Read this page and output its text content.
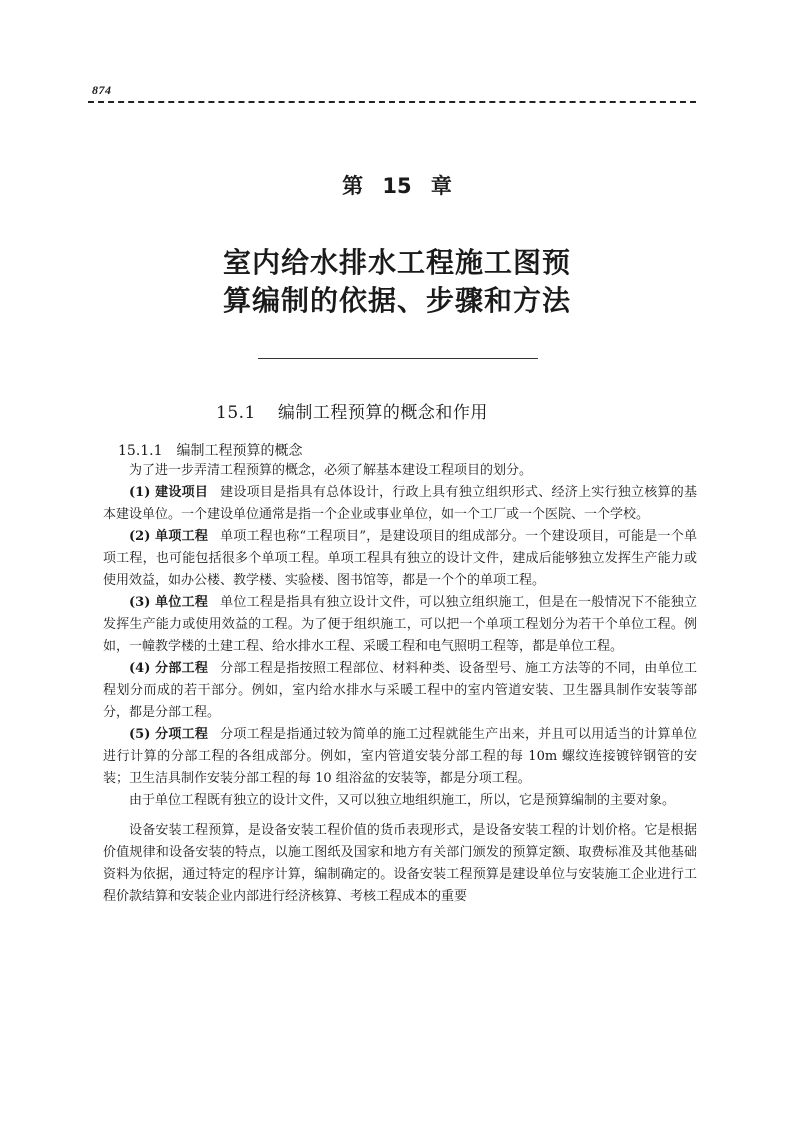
874
第 15 章
室内给水排水工程施工图预
算编制的依据、步骤和方法
15.1 编制工程预算的概念和作用
15.1.1 编制工程预算的概念

为了进一步弄清工程预算的概念，必须了解基本建设工程项目的划分。

(1) 建设项目 建设项目是指具有总体设计，行政上具有独立组织形式、经济上实行独立核算的基本建设单位。一个建设单位通常是指一个企业或事业单位，如一个工厂或一个医院、一个学校。

(2) 单项工程 单项工程也称“工程项目”，是建设项目的组成部分。一个建设项目，可能是一个单项工程，也可能包括很多个单项工程。单项工程具有独立的设计文件，建成后能够独立发挥生产能力或使用效益，如办公楼、教学楼、实验楼、图书馆等，都是一个个的单项工程。

(3) 单位工程 单位工程是指具有独立设计文件，可以独立组织施工，但是在一般情况下不能独立发挥生产能力或使用效益的工程。为了便于组织施工，可以把一个单项工程划分为若干个单位工程。例如，一幢教学楼的土建工程、给水排水工程、采暖工程和电气照明工程等，都是单位工程。

(4) 分部工程 分部工程是指按照工程部位、材料种类、设备型号、施工方法等的不同，由单位工程划分而成的若干部分。例如，室内给水排水与采暖工程中的室内管道安装、卫生器具制作安装等部分，都是分部工程。

(5) 分项工程 分项工程是指通过较为简单的施工过程就能生产出来，并且可以用适当的计算单位进行计算的分部工程的各组成部分。例如，室内管道安装分部工程的每 10m 螺纹连接镀锌钢管的安装；卫生洁具制作安装分部工程的每 10 组浴盆的安装等，都是分项工程。

由于单位工程既有独立的设计文件，又可以独立地组织施工，所以，它是预算编制的主要对象。

设备安装工程预算，是设备安装工程价值的货币表现形式，是设备安装工程的计划价格。它是根据价值规律和设备安装的特点，以施工图纸及国家和地方有关部门颁发的预算定额、取费标准及其他基础资料为依据，通过特定的程序计算，编制确定的。设备安装工程预算是建设单位与安装施工企业进行工程价款结算和安装企业内部进行经济核算、考核工程成本的重要
